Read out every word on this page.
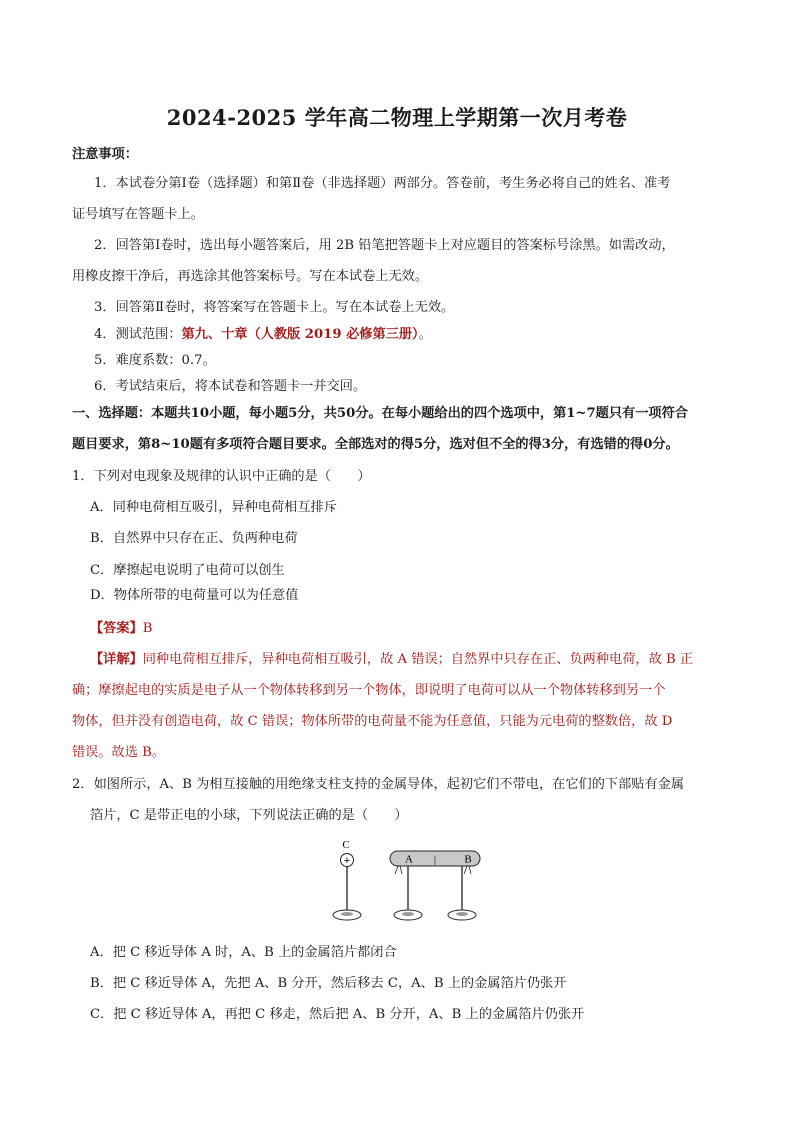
2024-2025 学年高二物理上学期第一次月考卷
注意事项：
1．本试卷分第Ⅰ卷（选择题）和第Ⅱ卷（非选择题）两部分。答卷前，考生务必将自己的姓名、准考
证号填写在答题卡上。
2．回答第Ⅰ卷时，选出每小题答案后，用 2B 铅笔把答题卡上对应题目的答案标号涂黑。如需改动，
用橡皮擦干净后，再选涂其他答案标号。写在本试卷上无效。
3．回答第Ⅱ卷时，将答案写在答题卡上。写在本试卷上无效。
4．测试范围：第九、十章（人教版 2019 必修第三册）。
5．难度系数：0.7。
6．考试结束后，将本试卷和答题卡一并交回。
一、选择题：本题共10小题，每小题5分，共50分。在每小题给出的四个选项中，第1~7题只有一项符合
题目要求，第8~10题有多项符合题目要求。全部选对的得5分，选对但不全的得3分，有选错的得0分。
1．下列对电现象及规律的认识中正确的是（　　）
A．同种电荷相互吸引，异种电荷相互排斥
B．自然界中只存在正、负两种电荷
C．摩擦起电说明了电荷可以创生
D．物体所带的电荷量可以为任意值
【答案】B
【详解】同种电荷相互排斥，异种电荷相互吸引，故 A 错误；自然界中只存在正、负两种电荷，故 B 正
确；摩擦起电的实质是电子从一个物体转移到另一个物体，即说明了电荷可以从一个物体转移到另一个
物体，但并没有创造电荷，故 C 错误；物体所带的电荷量不能为任意值，只能为元电荷的整数倍，故 D
错误。故选 B。
2．如图所示，A、B 为相互接触的用绝缘支柱支持的金属导体，起初它们不带电，在它们的下部贴有金属
箔片，C 是带正电的小球，下列说法正确的是（　　）
C
+	A |	B
A．把 C 移近导体 A 时，A、B 上的金属箔片都闭合
B．把 C 移近导体 A，先把 A、B 分开，然后移去 C，A、B 上的金属箔片仍张开
C．把 C 移近导体 A，再把 C 移走，然后把 A、B 分开，A、B 上的金属箔片仍张开
